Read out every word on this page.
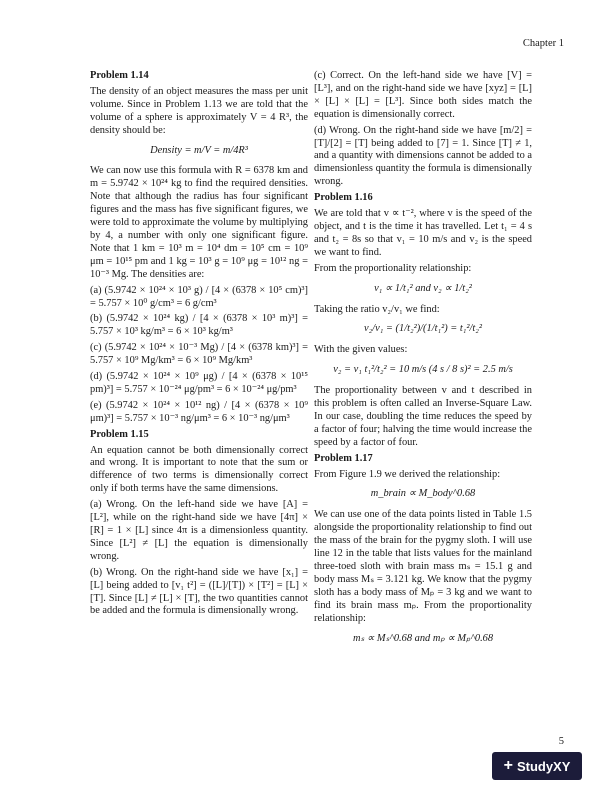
Chapter 1

Problem 1.14

The density of an object measures the mass per unit volume. Since in Problem 1.13 we are told that the volume of a sphere is approximately V = 4 R³, the density should be:

Density = m/V = m/4R³

We can now use this formula with R = 6378 km and m = 5.9742 × 10²⁴ kg to find the required densities. Note that although the radius has four significant figures and the mass has five significant figures, we were told to approximate the volume by multiplying by 4, a number with only one significant figure. Note that 1 km = 10³ m = 10⁴ dm = 10⁵ cm = 10⁹ μm = 10¹⁵ pm and 1 kg = 10³ g = 10⁹ μg = 10¹² ng = 10⁻³ Mg. The densities are:

(a) (5.9742 × 10²⁴ × 10³ g) / [4 × (6378 × 10⁵ cm)³] = 5.757 × 10⁰ g/cm³ = 6 g/cm³

(b) (5.9742 × 10²⁴ kg) / [4 × (6378 × 10³ m)³] = 5.757 × 10³ kg/m³ = 6 × 10³ kg/m³

(c) (5.9742 × 10²⁴ × 10⁻³ Mg) / [4 × (6378 km)³] = 5.757 × 10⁹ Mg/km³ = 6 × 10⁹ Mg/km³

(d) (5.9742 × 10²⁴ × 10⁹ μg) / [4 × (6378 × 10¹⁵ pm)³] = 5.757 × 10⁻²⁴ μg/pm³ = 6 × 10⁻²⁴ μg/pm³

(e) (5.9742 × 10²⁴ × 10¹² ng) / [4 × (6378 × 10⁹ μm)³] = 5.757 × 10⁻³ ng/μm³ = 6 × 10⁻³ ng/μm³

Problem 1.15

An equation cannot be both dimensionally correct and wrong. It is important to note that the sum or difference of two terms is dimensionally correct only if both terms have the same dimensions.

(a) Wrong. On the left-hand side we have [A] = [L²], while on the right-hand side we have [4π] × [R] = 1 × [L] since 4π is a dimensionless quantity. Since [L²] ≠ [L] the equation is dimensionally wrong.

(b) Wrong. On the right-hand side we have [x₁] = [L] being added to [v₁ t²] = ([L]/[T]) × [T²] = [L] × [T]. Since [L] ≠ [L] × [T], the two quantities cannot be added and the formula is dimensionally wrong.

(c) Correct. On the left-hand side we have [V] = [L³], and on the right-hand side we have [xyz] = [L] × [L] × [L] = [L³]. Since both sides match the equation is dimensionally correct.

(d) Wrong. On the right-hand side we have [m/2] = [T]/[2] = [T] being added to [7] = 1. Since [T] ≠ 1, and a quantity with dimensions cannot be added to a dimensionless quantity the formula is dimensionally wrong.

Problem 1.16

We are told that v ∝ t⁻², where v is the speed of the object, and t is the time it has travelled. Let t₁ = 4 s and t₂ = 8s so that v₁ = 10 m/s and v₂ is the speed we want to find.

From the proportionality relationship:

v₁ ∝ 1/t₁² and v₂ ∝ 1/t₂²

Taking the ratio v₂/v₁ we find:

v₂/v₁ = (1/t₂²)/(1/t₁²) = t₁²/t₂²

With the given values:

v₂ = v₁ t₁²/t₂² = 10 m/s (4 s / 8 s)² = 2.5 m/s

The proportionality between v and t described in this problem is often called an Inverse-Square Law. In our case, doubling the time reduces the speed by a factor of four; halving the time would increase the speed by a factor of four.

Problem 1.17

From Figure 1.9 we derived the relationship:

m_brain ∝ M_body^0.68

We can use one of the data points listed in Table 1.5 alongside the proportionality relationship to find out the mass of the brain for the pygmy sloth. I will use line 12 in the table that lists values for the mainland three-toed sloth with brain mass mₛ = 15.1 g and body mass Mₛ = 3.121 kg. We know that the pygmy sloth has a body mass of Mₚ = 3 kg and we want to find its brain mass mₚ. From the proportionality relationship:

mₛ ∝ Mₛ^0.68 and mₚ ∝ Mₚ^0.68
5
+ StudyXY
